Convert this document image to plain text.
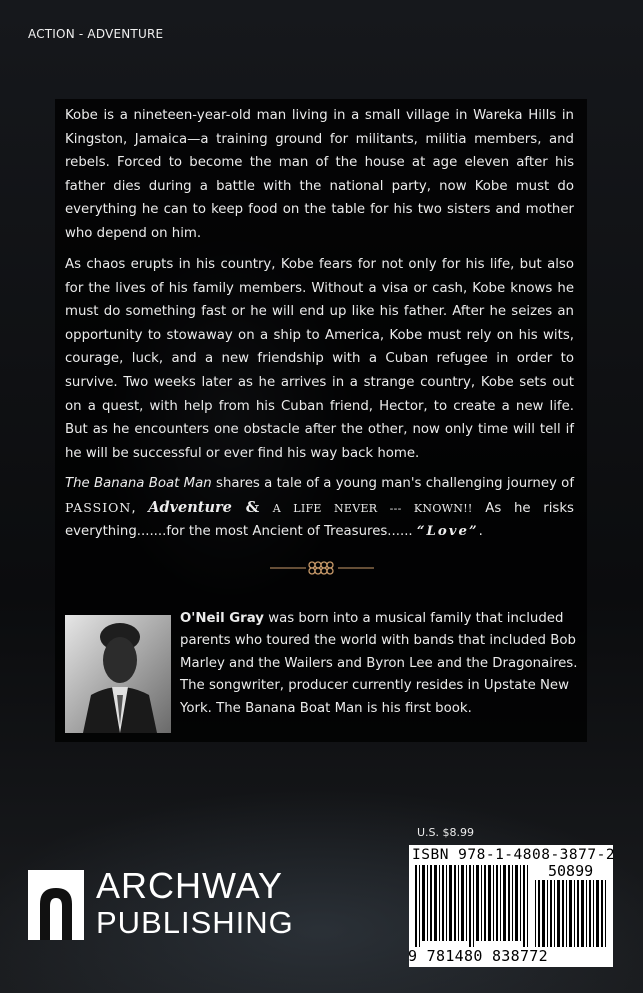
ACTION - ADVENTURE
Kobe is a nineteen-year-old man living in a small village in Wareka Hills in Kingston, Jamaica—a training ground for militants, militia members, and rebels. Forced to become the man of the house at age eleven after his father dies during a battle with the national party, now Kobe must do everything he can to keep food on the table for his two sisters and mother who depend on him.
As chaos erupts in his country, Kobe fears for not only for his life, but also for the lives of his family members. Without a visa or cash, Kobe knows he must do something fast or he will end up like his father. After he seizes an opportunity to stowaway on a ship to America, Kobe must rely on his wits, courage, luck, and a new friendship with a Cuban refugee in order to survive. Two weeks later as he arrives in a strange country, Kobe sets out on a quest, with help from his Cuban friend, Hector, to create a new life. But as he encounters one obstacle after the other, now only time will tell if he will be successful or ever find his way back home.
The Banana Boat Man shares a tale of a young man's challenging journey of PASSION, Adventure & A LIFE NEVER --- KNOWN!! As he risks everything.......for the most Ancient of Treasures...... “Love”.
O'Neil Gray was born into a musical family that included parents who toured the world with bands that included Bob Marley and the Wailers and Byron Lee and the Dragonaires. The songwriter, producer currently resides in Upstate New York. The Banana Boat Man is his first book.
U.S. $8.99
ISBN 978-1-4808-3877-2
50899
9 781480 838772
ARCHWAY
PUBLISHING
